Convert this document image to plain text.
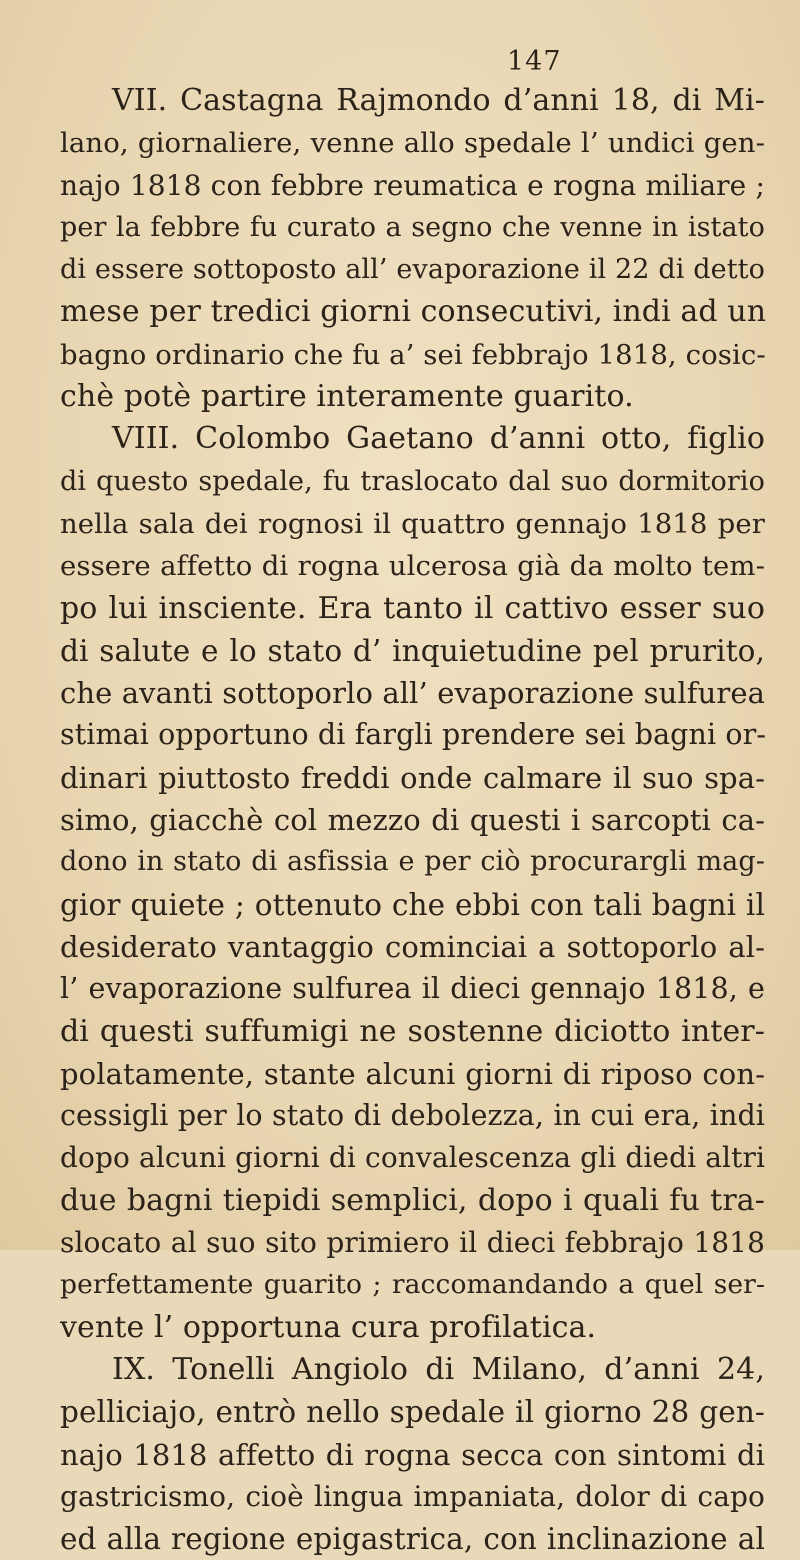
147
VII. Castagna Rajmondo d’anni 18, di Mi-
lano, giornaliere, venne allo spedale l’ undici gen-
najo 1818 con febbre reumatica e rogna miliare ;
per la febbre fu curato a segno che venne in istato
di essere sottoposto all’ evaporazione il 22 di detto
mese per tredici giorni consecutivi, indi ad un
bagno ordinario che fu a’ sei febbrajo 1818, cosic-
chè potè partire interamente guarito.
VIII. Colombo Gaetano d’anni otto, figlio
di questo spedale, fu traslocato dal suo dormitorio
nella sala dei rognosi il quattro gennajo 1818 per
essere affetto di rogna ulcerosa già da molto tem-
po lui insciente. Era tanto il cattivo esser suo
di salute e lo stato d’ inquietudine pel prurito,
che avanti sottoporlo all’ evaporazione sulfurea
stimai opportuno di fargli prendere sei bagni or-
dinari piuttosto freddi onde calmare il suo spa-
simo, giacchè col mezzo di questi i sarcopti ca-
dono in stato di asfissia e per ciò procurargli mag-
gior quiete ; ottenuto che ebbi con tali bagni il
desiderato vantaggio cominciai a sottoporlo al-
l’ evaporazione sulfurea il dieci gennajo 1818, e
di questi suffumigi ne sostenne diciotto inter-
polatamente, stante alcuni giorni di riposo con-
cessigli per lo stato di debolezza, in cui era, indi
dopo alcuni giorni di convalescenza gli diedi altri
due bagni tiepidi semplici, dopo i quali fu tra-
slocato al suo sito primiero il dieci febbrajo 1818
perfettamente guarito ; raccomandando a quel ser-
vente l’ opportuna cura profilatica.
IX. Tonelli Angiolo di Milano, d’anni 24,
pelliciajo, entrò nello spedale il giorno 28 gen-
najo 1818 affetto di rogna secca con sintomi di
gastricismo, cioè lingua impaniata, dolor di capo
ed alla regione epigastrica, con inclinazione al
